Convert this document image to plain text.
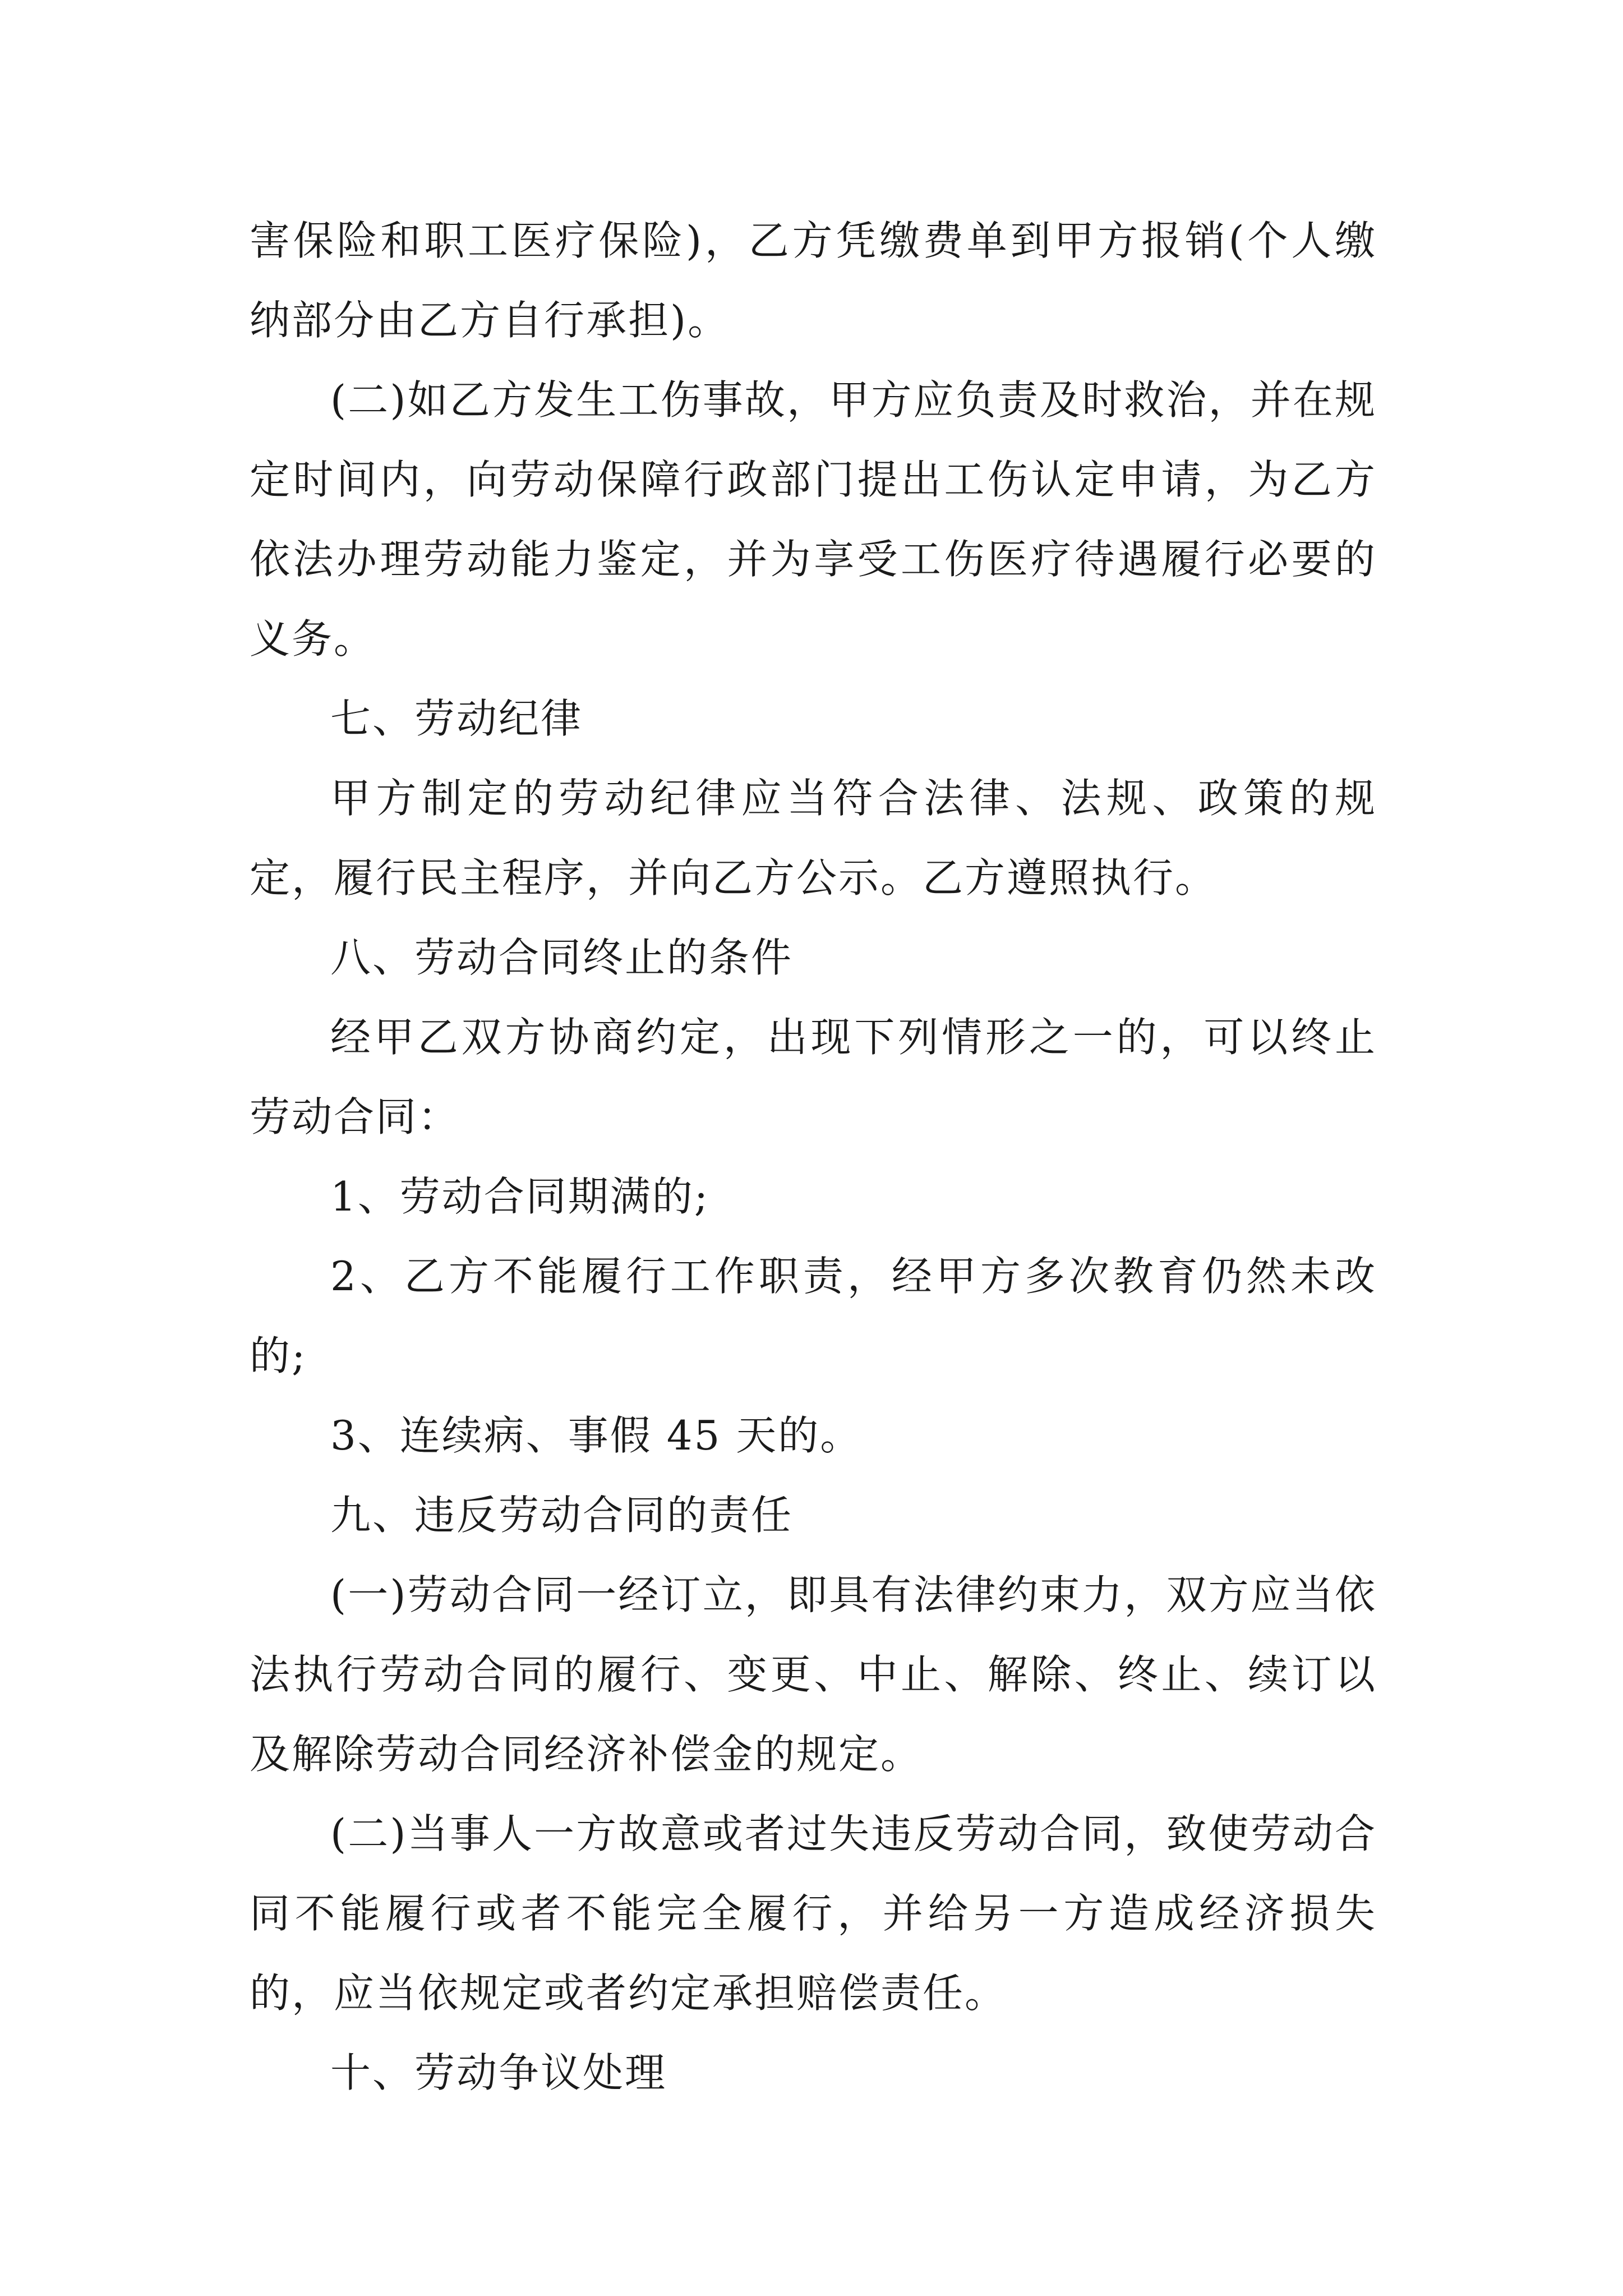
害保险和职工医疗保险)，乙方凭缴费单到甲方报销(个人缴纳部分由乙方自行承担)。

(二)如乙方发生工伤事故，甲方应负责及时救治，并在规定时间内，向劳动保障行政部门提出工伤认定申请，为乙方依法办理劳动能力鉴定，并为享受工伤医疗待遇履行必要的义务。

七、劳动纪律

甲方制定的劳动纪律应当符合法律、法规、政策的规定，履行民主程序，并向乙方公示。乙方遵照执行。

八、劳动合同终止的条件

经甲乙双方协商约定，出现下列情形之一的，可以终止劳动合同：

1、劳动合同期满的;

2、乙方不能履行工作职责，经甲方多次教育仍然未改的;

3、连续病、事假 45 天的。

九、违反劳动合同的责任

(一)劳动合同一经订立，即具有法律约束力，双方应当依法执行劳动合同的履行、变更、中止、解除、终止、续订以及解除劳动合同经济补偿金的规定。

(二)当事人一方故意或者过失违反劳动合同，致使劳动合同不能履行或者不能完全履行，并给另一方造成经济损失的，应当依规定或者约定承担赔偿责任。

十、劳动争议处理
